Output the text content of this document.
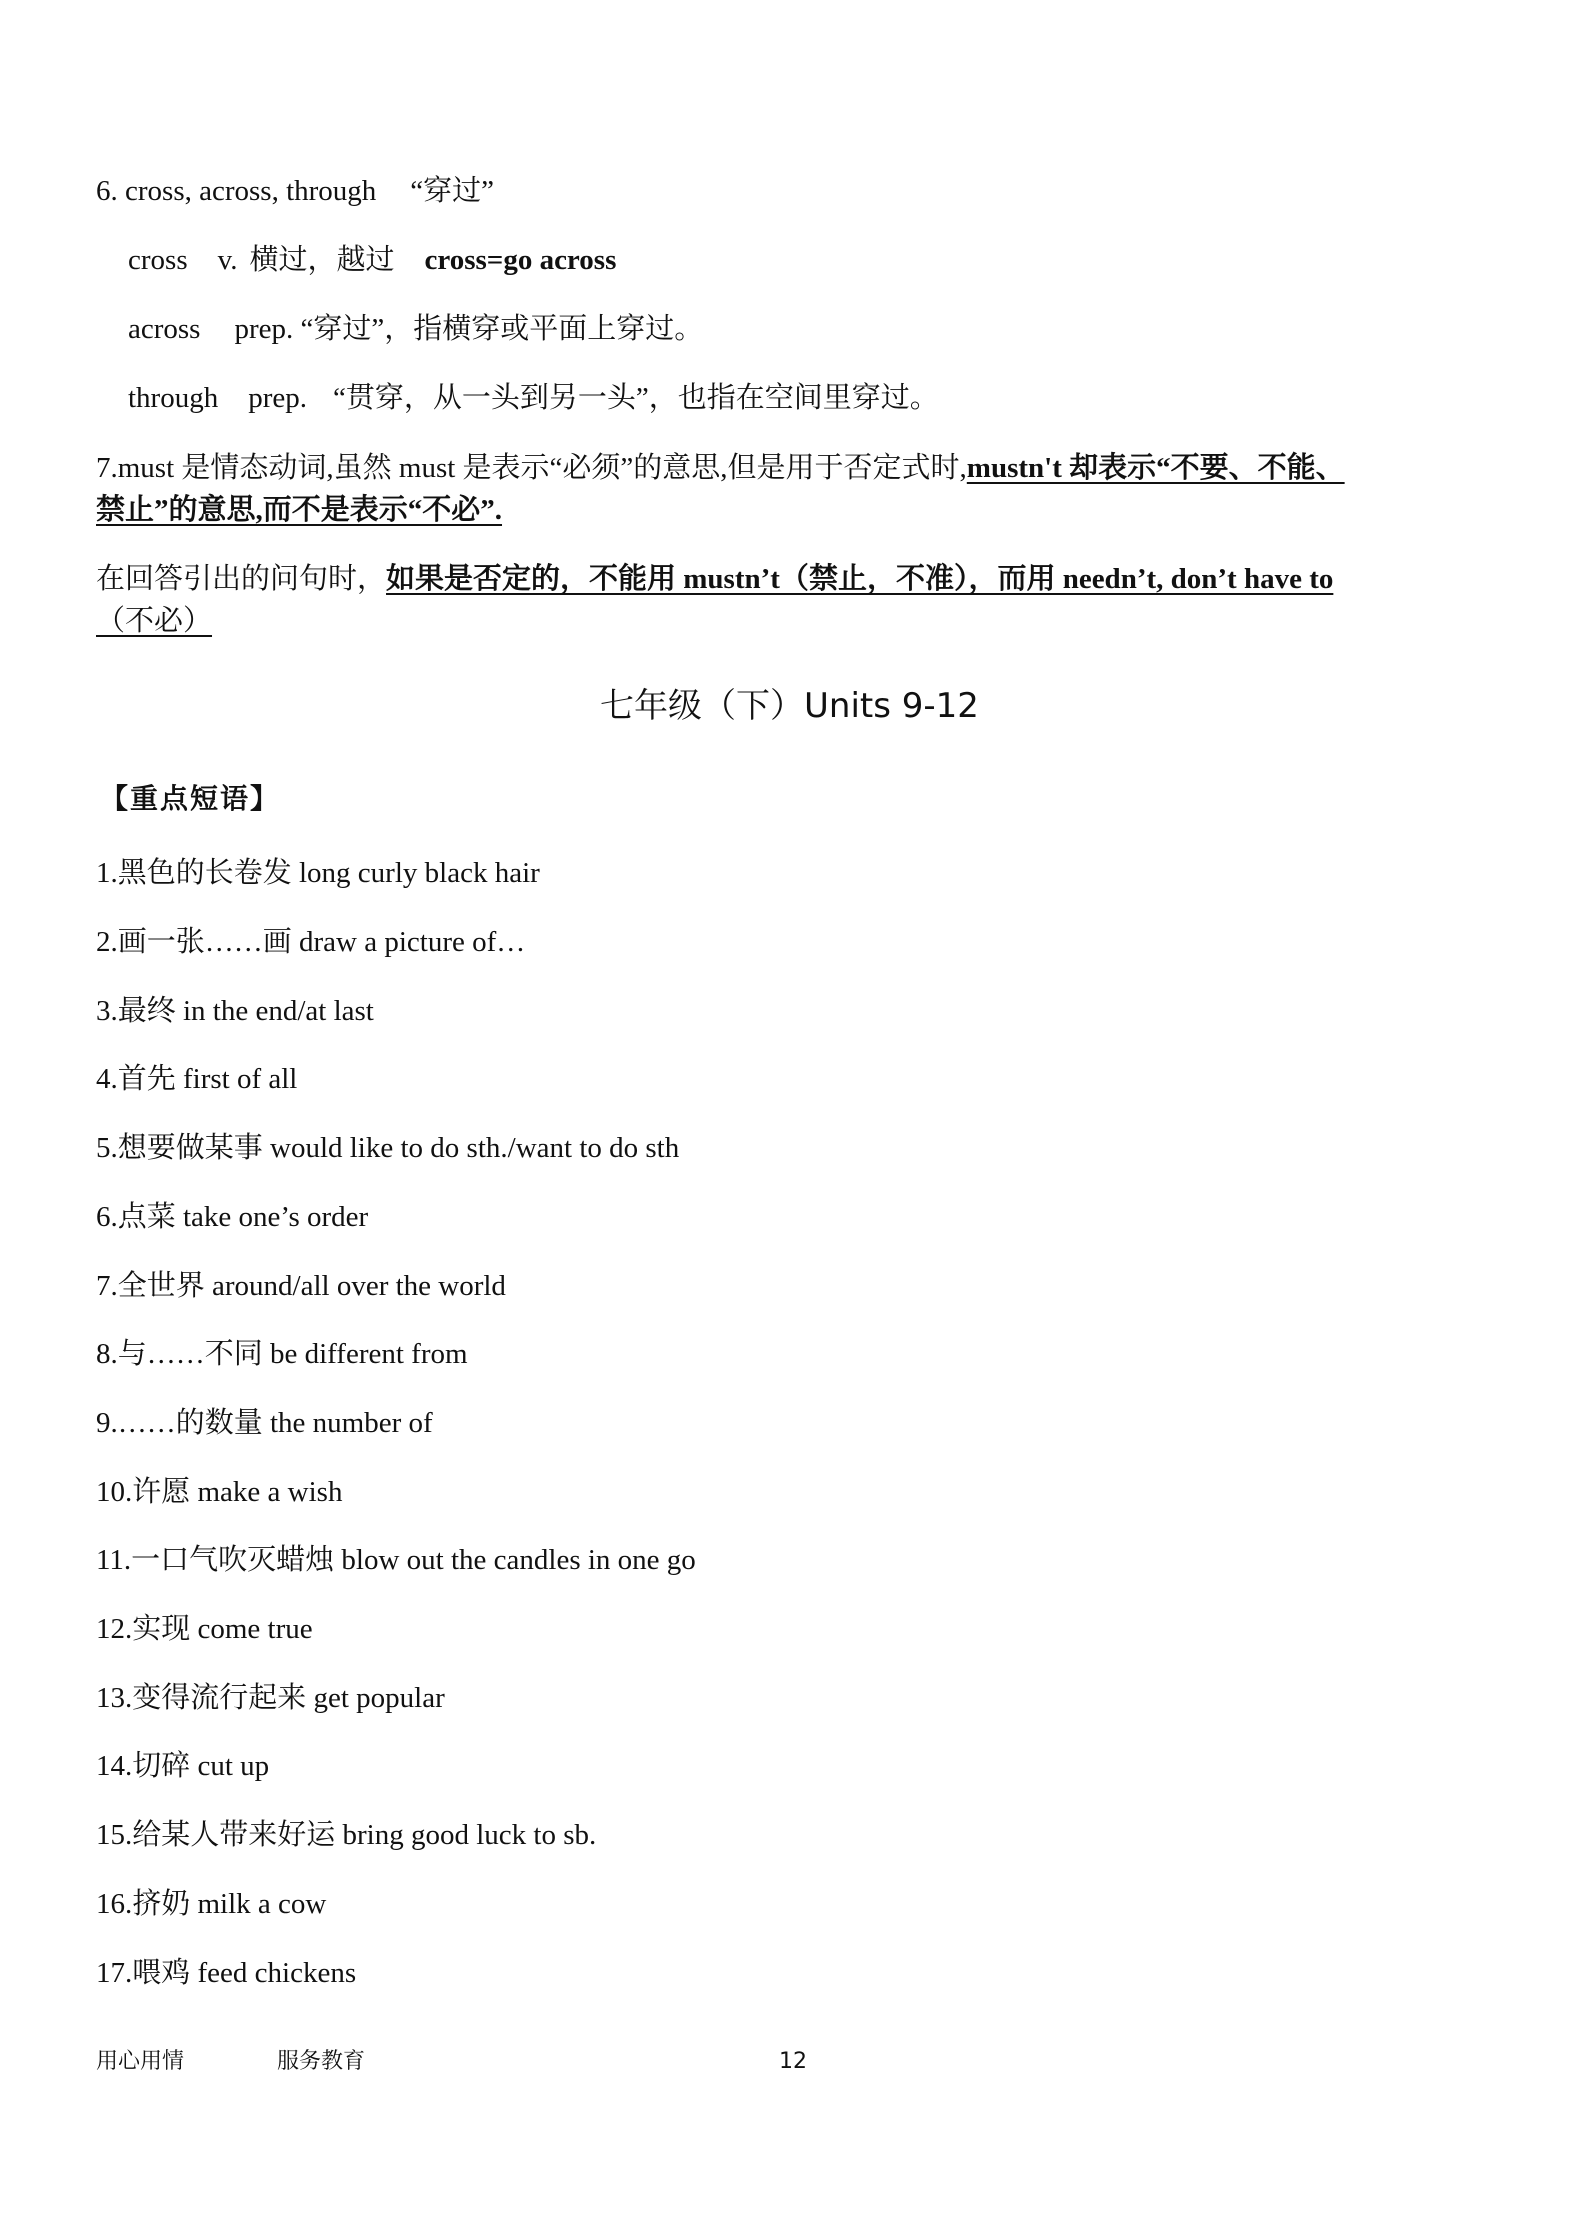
6. cross, across, through “穿过”
cross v. 横过，越过 cross=go across
across prep. “穿过”，指横穿或平面上穿过。
through prep. “贯穿，从一头到另一头”，也指在空间里穿过。
7.must 是情态动词,虽然 must 是表示“必须”的意思,但是用于否定式时,mustn't 却表示“不要、不能、
禁止”的意思,而不是表示“不必”.
在回答引出的问句时，如果是否定的，不能用 mustn’t（禁止，不准），而用 needn’t, don’t have to
（不必）
七年级（下）Units 9-12
【重点短语】
1.黑色的长卷发 long curly black hair
2.画一张……画 draw a picture of…
3.最终 in the end/at last
4.首先 first of all
5.想要做某事 would like to do sth./want to do sth
6.点菜 take one’s order
7.全世界 around/all over the world
8.与……不同 be different from
9.……的数量 the number of
10.许愿 make a wish
11.一口气吹灭蜡烛 blow out the candles in one go
12.实现 come true
13.变得流行起来 get popular
14.切碎 cut up
15.给某人带来好运 bring good luck to sb.
16.挤奶 milk a cow
17.喂鸡 feed chickens
用心用情	服务教育	12
